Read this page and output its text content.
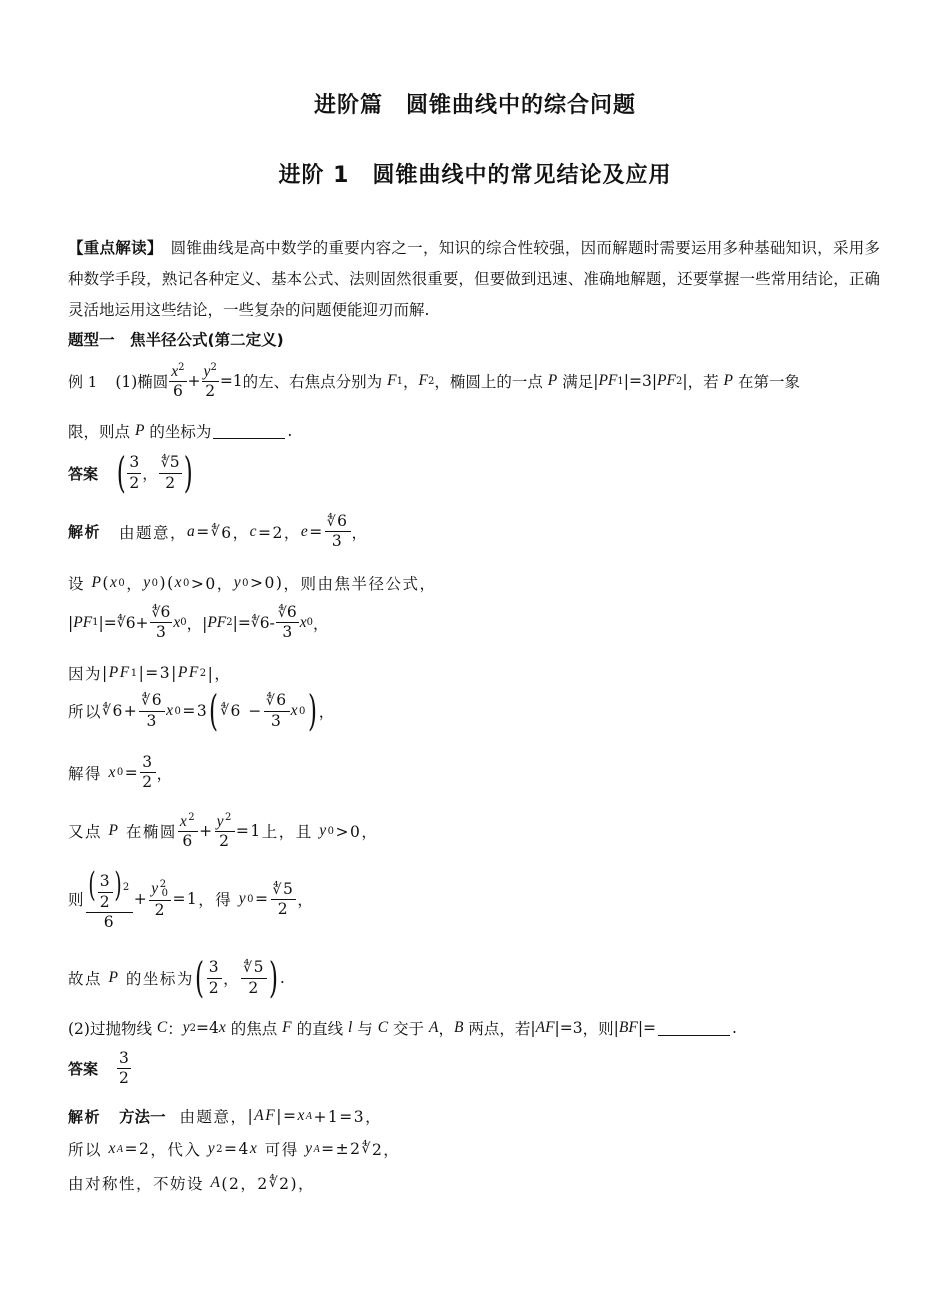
进阶篇　圆锥曲线中的综合问题
进阶 1　圆锥曲线中的常见结论及应用
【重点解读】　圆锥曲线是高中数学的重要内容之一，知识的综合性较强，因而解题时需要运用多种基础知识，采用多种数学手段，熟记各种定义、基本公式、法则固然很重要，但要做到迅速、准确地解题，还要掌握一些常用结论，正确灵活地运用这些结论，一些复杂的问题便能迎刃而解.
题型一　焦半径公式(第二定义)
例 1 (1)椭圆 $\frac{x^2}{6} + \frac{y^2}{2} =1$ 的左、右焦点分别为
F 1 ， F 2 ，椭圆上的一点
P
满足 | PF 1 |=3| PF 2 | ，若
P
在第一象
限，则点
P
的坐标为	.
答案 ( $\frac{3}{2}$ ， $\frac{∜5}{2}$ )
解析 由题意， a = ∜ 6， c =2， $e = \frac{∜6}{3}$ ，
设
P ( x 0 ， y 0 )( x 0 >0， y 0 >0) ，则由焦半径公式，
| PF 1 |= ∜ $6+ \frac{∜6}{3}$ x 0 ，| PF 2 |= ∜ $6- \frac{∜6}{3}$ x 0 ，
因为 | PF 1 |=3| PF 2 |，
所以 ∜ $6+ \frac{∜6}{3}$ x 0 =3 ( ∜ $6 - \frac{∜6}{3}$ x 0 ) ，
解得
x $0 = \frac{3}{2}$ ，
又点
P
在椭圆 $\frac{x^2}{6} + \frac{y^2}{2} =1$ 上，且
y 0 >0，
则 $\frac{( \frac{3}{2} )^2}{6} + \frac{y^2_0}{2} =1$ ，得
y $0 = \frac{∜5}{2}$ ，
故点
P
的坐标为 ( $\frac{3}{2}$ ， $\frac{∜5}{2}$ ) .
(2)过抛物线
C ： y 2 =4 x
的焦点
F
的直线
l
与
C
交于
A ， B
两点，若 | AF |=3 ，则 | BF |=	.
答案 $\frac{3}{2}$
解析 方法一 由题意， | AF |= x A +1=3，
所以
x A =2 ，代入
y 2 =4 x
可得
y A =±2 ∜ 2，
由对称性，不妨设
A (2，2 ∜ 2)，
